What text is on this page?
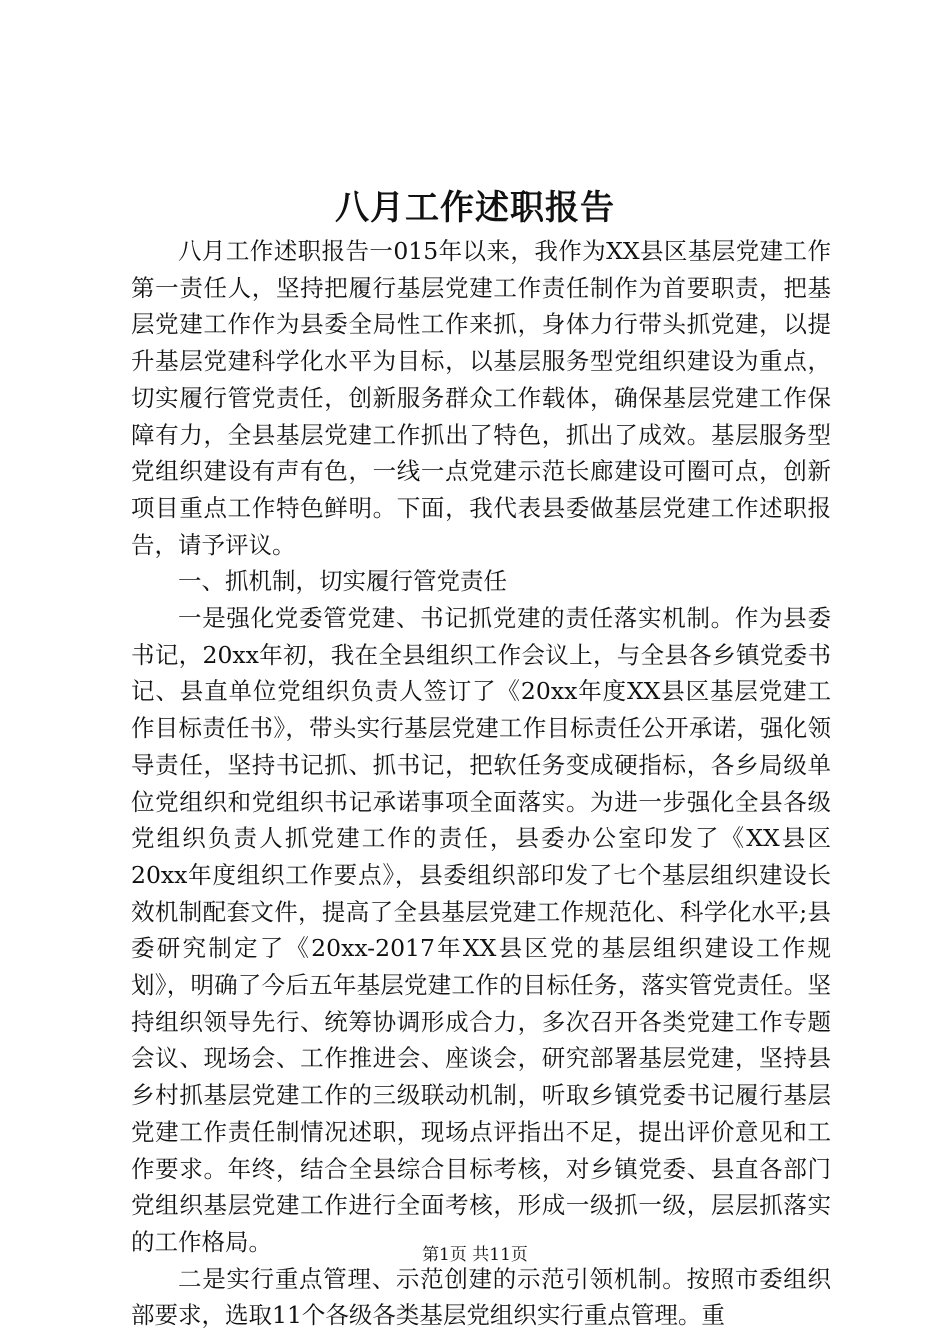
八月工作述职报告

八月工作述职报告一015年以来，我作为XX县区基层党建工作第一责任人，坚持把履行基层党建工作责任制作为首要职责，把基层党建工作作为县委全局性工作来抓，身体力行带头抓党建，以提升基层党建科学化水平为目标，以基层服务型党组织建设为重点，切实履行管党责任，创新服务群众工作载体，确保基层党建工作保障有力，全县基层党建工作抓出了特色，抓出了成效。基层服务型党组织建设有声有色，一线一点党建示范长廊建设可圈可点，创新项目重点工作特色鲜明。下面，我代表县委做基层党建工作述职报告，请予评议。

一、抓机制，切实履行管党责任

一是强化党委管党建、书记抓党建的责任落实机制。作为县委书记，20xx年初，我在全县组织工作会议上，与全县各乡镇党委书记、县直单位党组织负责人签订了《20xx年度XX县区基层党建工作目标责任书》，带头实行基层党建工作目标责任公开承诺，强化领导责任，坚持书记抓、抓书记，把软任务变成硬指标，各乡局级单位党组织和党组织书记承诺事项全面落实。为进一步强化全县各级党组织负责人抓党建工作的责任，县委办公室印发了《XX县区20xx年度组织工作要点》，县委组织部印发了七个基层组织建设长效机制配套文件，提高了全县基层党建工作规范化、科学化水平;县委研究制定了《20xx-2017年XX县区党的基层组织建设工作规划》，明确了今后五年基层党建工作的目标任务，落实管党责任。坚持组织领导先行、统筹协调形成合力，多次召开各类党建工作专题会议、现场会、工作推进会、座谈会，研究部署基层党建，坚持县乡村抓基层党建工作的三级联动机制，听取乡镇党委书记履行基层党建工作责任制情况述职，现场点评指出不足，提出评价意见和工作要求。年终，结合全县综合目标考核，对乡镇党委、县直各部门党组织基层党建工作进行全面考核，形成一级抓一级，层层抓落实的工作格局。

二是实行重点管理、示范创建的示范引领机制。按照市委组织部要求，选取11个各级各类基层党组织实行重点管理。重

第1页 共11页
